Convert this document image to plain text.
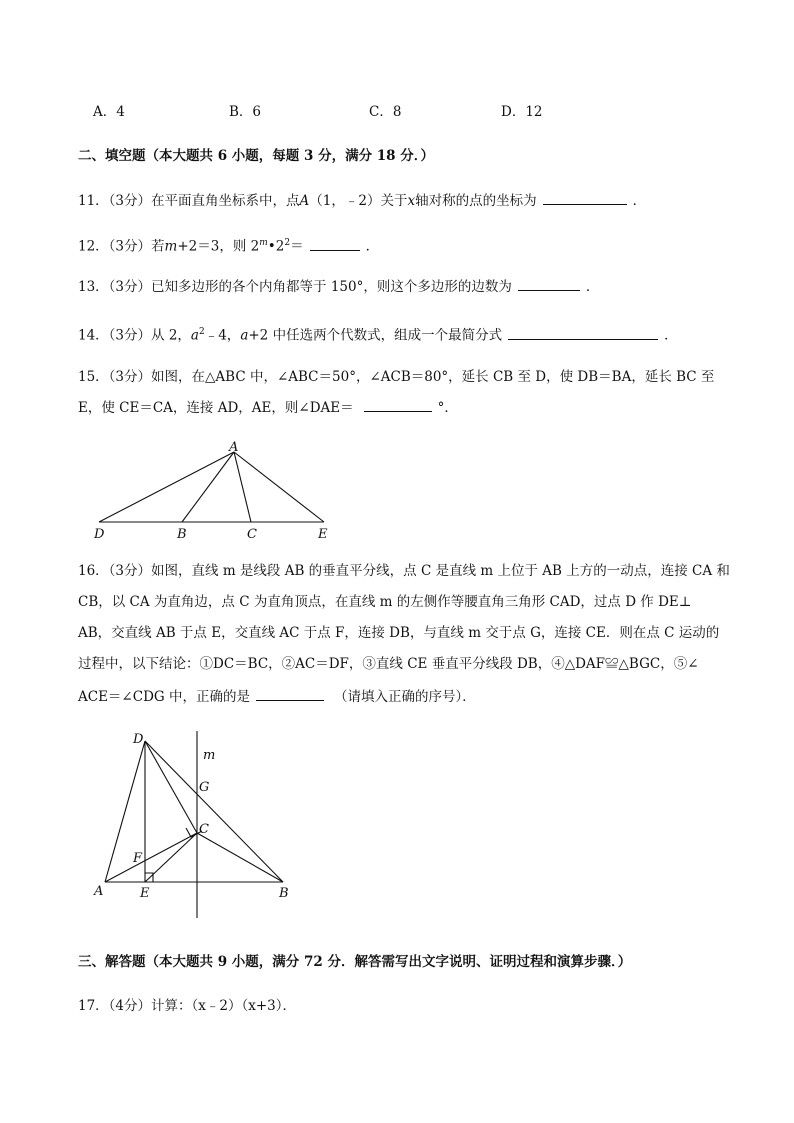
A．4	B．6	C．8	D．12
二、填空题（本大题共 6 小题，每题 3 分，满分 18 分．）
11．（3分）在平面直角坐标系中，点A（1，﹣2）关于x轴对称的点的坐标为	．
12．（3分）若m+2＝3，则 $2^m•2^2=$	．
13．（3分）已知多边形的各个内角都等于 150°，则这个多边形的边数为	．
14．（3分）从 2，$a^2﹣4$，a+2 中任选两个代数式，组成一个最简分式	．
15．（3分）如图，在△ABC 中，∠ABC＝50°，∠ACB＝80°，延长 CB 至 D，使 DB＝BA，延长 BC 至
E，使 CE＝CA，连接 AD，AE，则∠DAE＝	°．
A
B	C
D	E
16．（3分）如图，直线 m 是线段 AB 的垂直平分线，点 C 是直线 m 上位于 AB 上方的一动点，连接 CA 和
CB，以 CA 为直角边，点 C 为直角顶点，在直线 m 的左侧作等腰直角三角形 CAD，过点 D 作 DE⊥
AB，交直线 AB 于点 E，交直线 AC 于点 F，连接 DB，与直线 m 交于点 G，连接 CE．则在点 C 运动的
过程中，以下结论：①DC＝BC，②AC＝DF，③直线 CE 垂直平分线段 DB，④△DAF≌△BGC，⑤∠
ACE＝∠CDG 中，正确的是	（请填入正确的序号）．
D
m
G
C
F
A	E	B
三、解答题（本大题共 9 小题，满分 72 分．解答需写出文字说明、证明过程和演算步骤．）
17．（4分）计算：（x﹣2）（x+3）．
